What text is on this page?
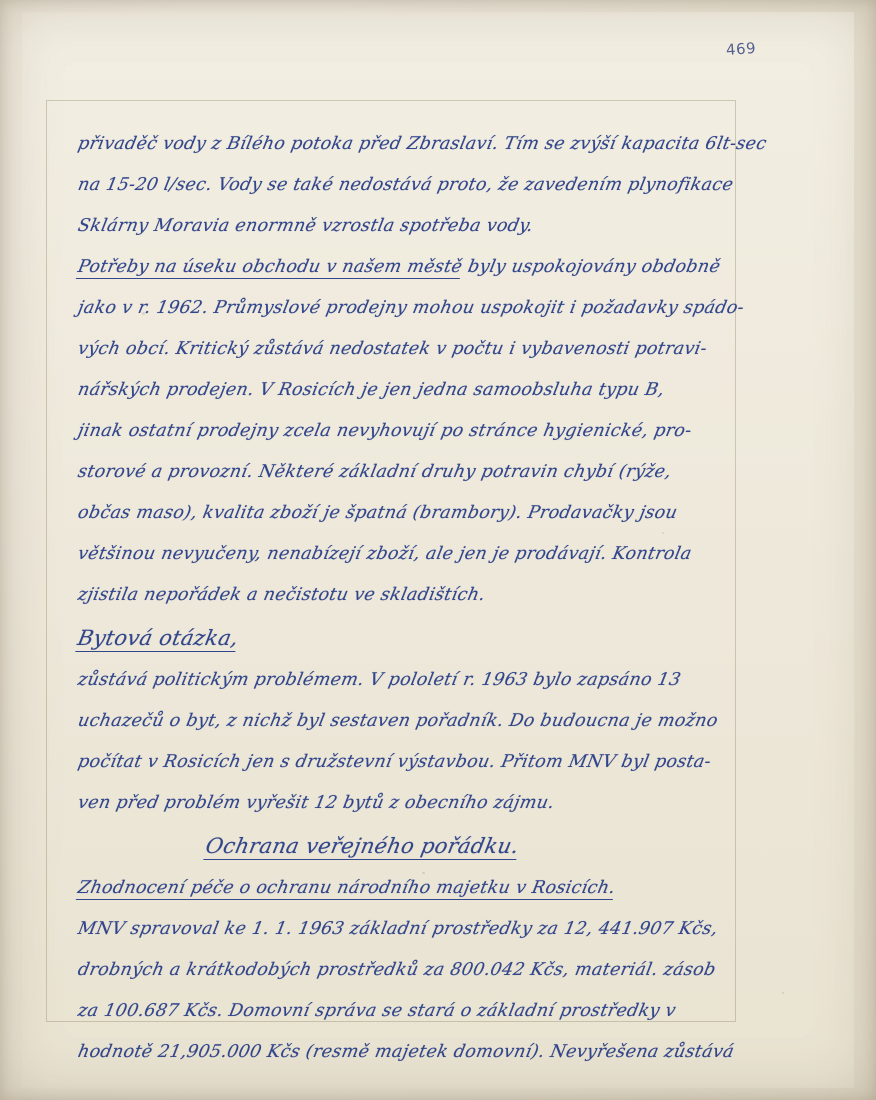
469
přivaděč vody z Bílého potoka před Zbraslaví. Tím se zvýší kapacita 6lt-sec
na 15-20 l/sec. Vody se také nedostává proto, že zavedením plynofikace
Sklárny Moravia enormně vzrostla spotřeba vody.
Potřeby na úseku obchodu v našem městě byly uspokojovány obdobně
jako v r. 1962. Průmyslové prodejny mohou uspokojit i požadavky spádo-
vých obcí. Kritický zůstává nedostatek v počtu i vybavenosti potravi-
nářských prodejen. V Rosicích je jen jedna samoobsluha typu B,
jinak ostatní prodejny zcela nevyhovují po stránce hygienické, pro-
storové a provozní. Některé základní druhy potravin chybí (rýže,
občas maso), kvalita zboží je špatná (brambory). Prodavačky jsou
většinou nevyučeny, nenabízejí zboží, ale jen je prodávají. Kontrola
zjistila nepořádek a nečistotu ve skladištích.
Bytová otázka,
zůstává politickým problémem. V pololetí r. 1963 bylo zapsáno 13
uchazečů o byt, z nichž byl sestaven pořadník. Do budoucna je možno
počítat v Rosicích jen s družstevní výstavbou. Přitom MNV byl posta-
ven před problém vyřešit 12 bytů z obecního zájmu.
Ochrana veřejného pořádku.
Zhodnocení péče o ochranu národního majetku v Rosicích.
MNV spravoval ke 1. 1. 1963 základní prostředky za 12, 441.907 Kčs,
drobných a krátkodobých prostředků za 800.042 Kčs, materiál. zásob
za 100.687 Kčs. Domovní správa se stará o základní prostředky v
hodnotě 21,905.000 Kčs (resmě majetek domovní). Nevyřešena zůstává
